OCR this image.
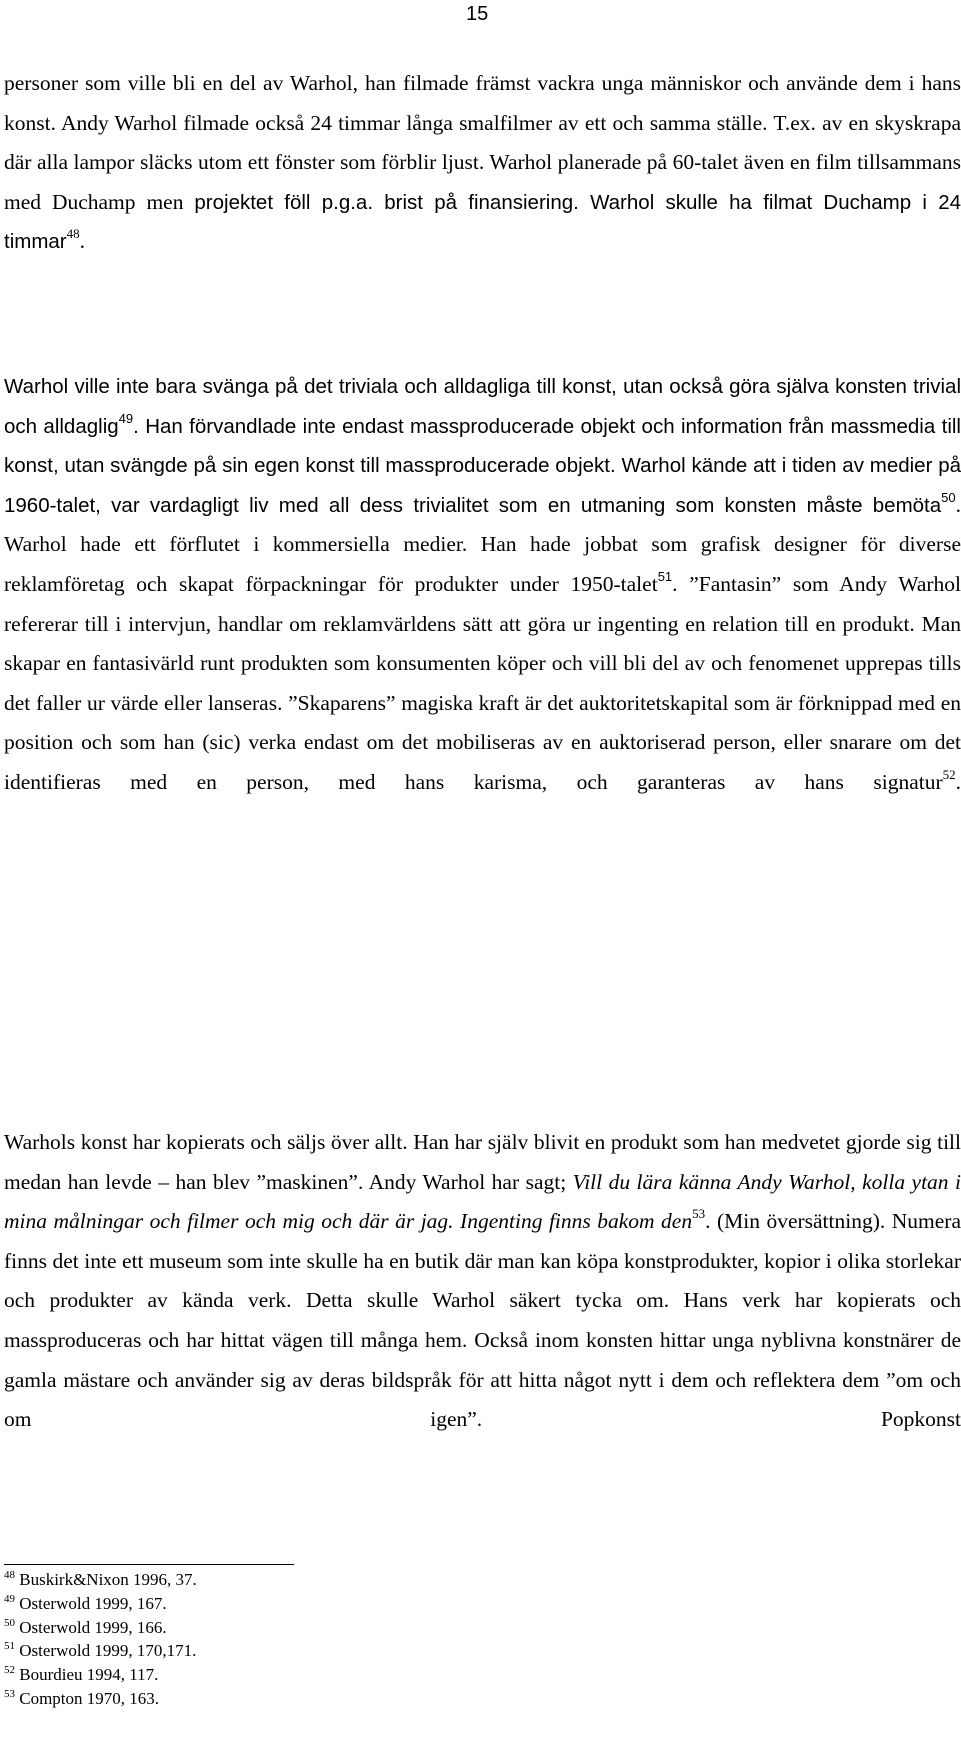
15

personer som ville bli en del av Warhol, han filmade främst vackra unga människor och använde dem i hans konst. Andy Warhol filmade också 24 timmar långa smalfilmer av ett och samma ställe. T.ex. av en skyskrapa där alla lampor släcks utom ett fönster som förblir ljust. Warhol planerade på 60-talet även en film tillsammans med Duchamp men projektet föll p.g.a. brist på finansiering. Warhol skulle ha filmat Duchamp i 24
timmar$^{48}$.

Warhol ville inte bara svänga på det triviala och alldagliga till konst, utan också göra själva konsten trivial och alldaglig$^{49}$. Han förvandlade inte endast massproducerade objekt och information från massmedia till konst, utan svängde på sin egen konst till massproducerade objekt. Warhol kände att i tiden av medier på 1960-talet, var vardagligt liv med all dess trivialitet som en utmaning som konsten måste bemöta$^{50}$. Warhol hade ett förflutet i kommersiella medier. Han hade jobbat som grafisk designer för diverse reklamföretag och skapat förpackningar för produkter under 1950-talet$^{51}$. ”Fantasin” som Andy Warhol refererar till i intervjun, handlar om reklamvärldens sätt att göra ur ingenting en relation till en produkt. Man skapar en fantasivärld runt produkten som konsumenten köper och vill bli del av och fenomenet upprepas tills det faller ur värde eller lanseras. ”Skaparens” magiska kraft är det auktoritetskapital som är förknippad med en position och som han (sic) verka endast om det mobiliseras av en auktoriserad person, eller snarare om det identifieras med en person, med hans karisma, och garanteras av hans signatur$^{52}$.

Warhols konst har kopierats och säljs över allt. Han har själv blivit en produkt som han medvetet gjorde sig till medan han levde – han blev ”maskinen”. Andy Warhol har sagt; Vill du lära känna Andy Warhol, kolla ytan i mina målningar och filmer och mig och där är jag. Ingenting finns bakom den$^{53}$. (Min översättning). Numera finns det inte ett museum som inte skulle ha en butik där man kan köpa konstprodukter, kopior i olika storlekar och produkter av kända verk. Detta skulle Warhol säkert tycka om. Hans verk har kopierats och massproduceras och har hittat vägen till många hem. Också inom konsten hittar unga nyblivna konstnärer de gamla mästare och använder sig av deras bildspråk för att hitta något nytt i dem och reflektera dem ”om och om igen”. Popkonst

$^{48}$ Buskirk&Nixon 1996, 37.
$^{49}$ Osterwold 1999, 167.
$^{50}$ Osterwold 1999, 166.
$^{51}$ Osterwold 1999, 170,171.
$^{52}$ Bourdieu 1994, 117.
$^{53}$ Compton 1970, 163.
